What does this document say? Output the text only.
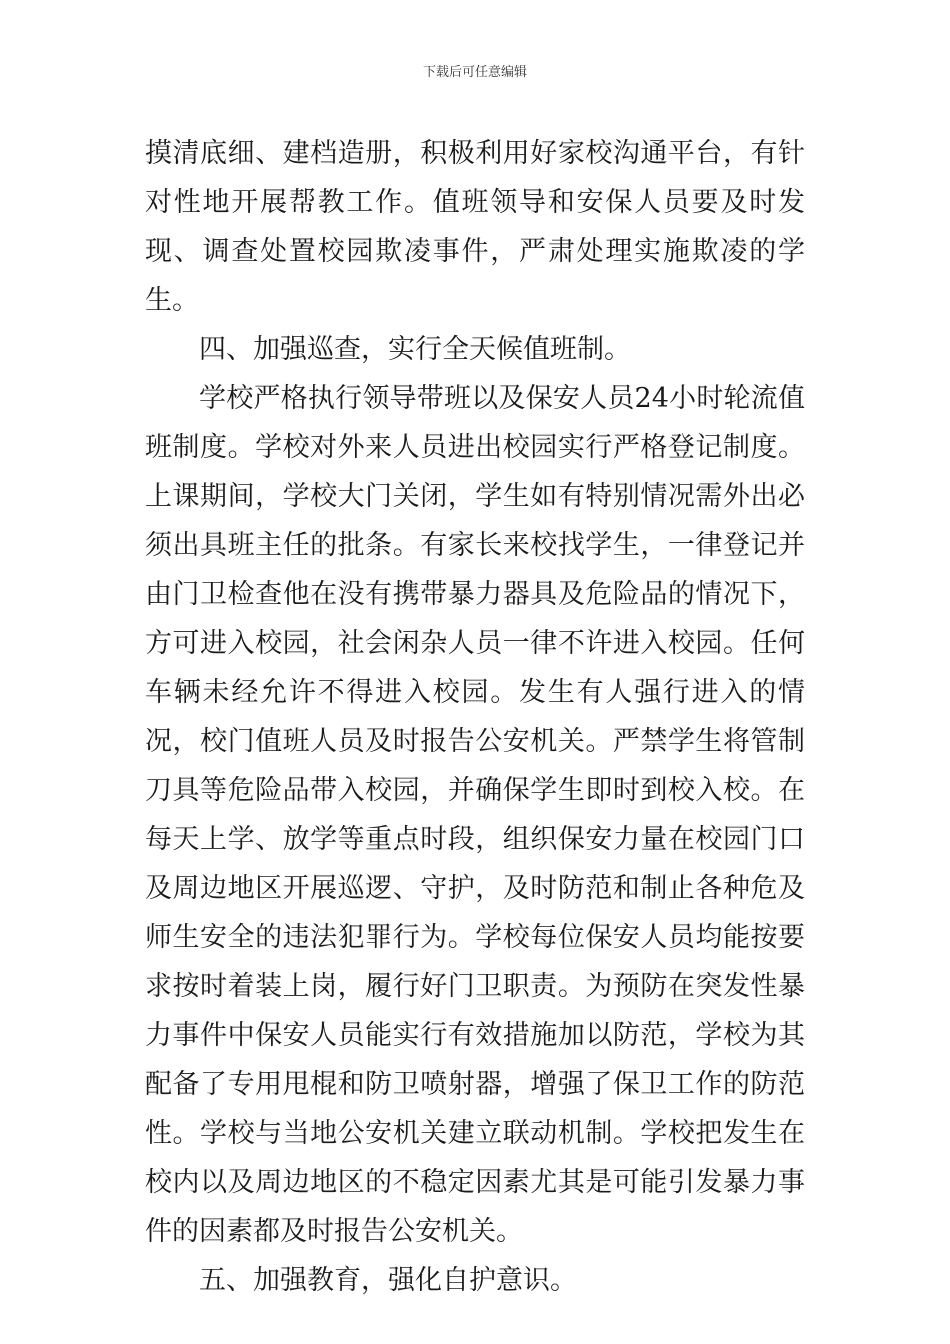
下载后可任意编辑

摸清底细、建档造册，积极利用好家校沟通平台，有针对性地开展帮教工作。值班领导和安保人员要及时发现、调查处置校园欺凌事件，严肃处理实施欺凌的学生。

四、加强巡查，实行全天候值班制。

学校严格执行领导带班以及保安人员24小时轮流值班制度。学校对外来人员进出校园实行严格登记制度。上课期间，学校大门关闭，学生如有特别情况需外出必须出具班主任的批条。有家长来校找学生，一律登记并由门卫检查他在没有携带暴力器具及危险品的情况下，方可进入校园，社会闲杂人员一律不许进入校园。任何车辆未经允许不得进入校园。发生有人强行进入的情况，校门值班人员及时报告公安机关。严禁学生将管制刀具等危险品带入校园，并确保学生即时到校入校。在每天上学、放学等重点时段，组织保安力量在校园门口及周边地区开展巡逻、守护，及时防范和制止各种危及师生安全的违法犯罪行为。学校每位保安人员均能按要求按时着装上岗，履行好门卫职责。为预防在突发性暴力事件中保安人员能实行有效措施加以防范，学校为其配备了专用甩棍和防卫喷射器，增强了保卫工作的防范性。学校与当地公安机关建立联动机制。学校把发生在校内以及周边地区的不稳定因素尤其是可能引发暴力事件的因素都及时报告公安机关。

五、加强教育，强化自护意识。
